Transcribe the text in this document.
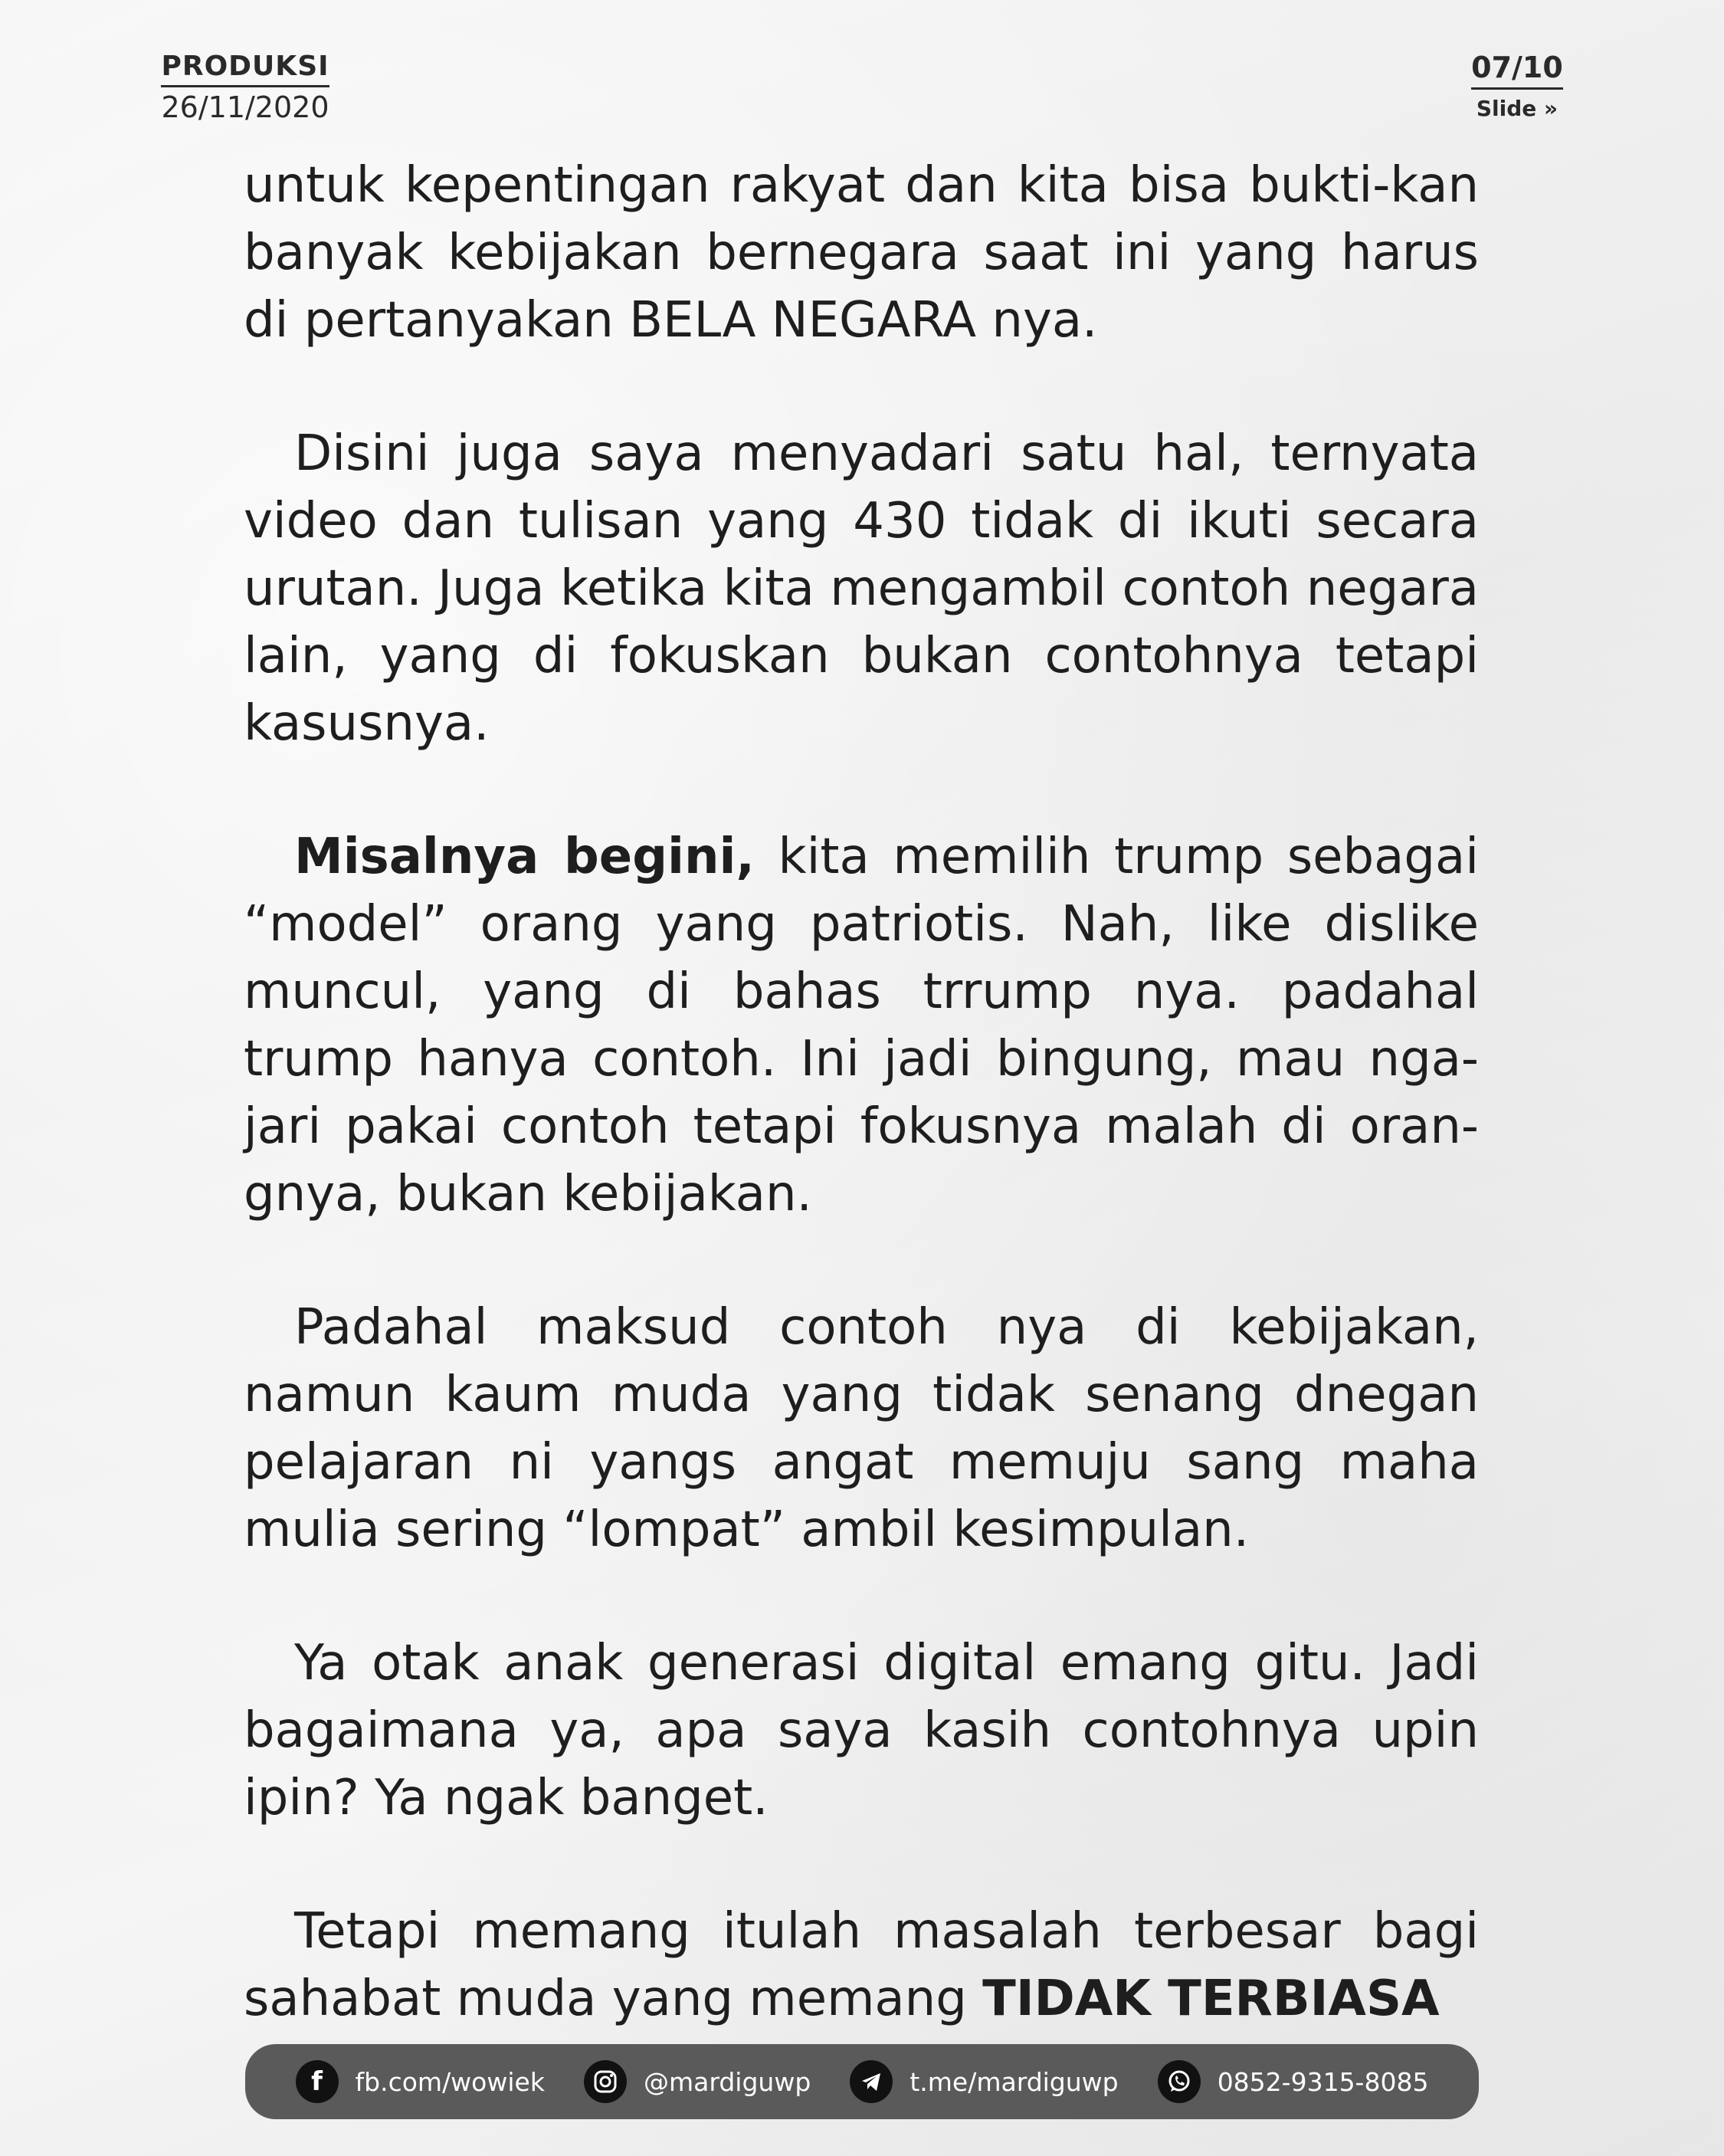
PRODUKSI
26/11/2020
07/10
Slide »

untuk kepentingan rakyat dan kita bisa bukti-kan banyak kebijakan bernegara saat ini yang harus di pertanyakan BELA NEGARA nya.

Disini juga saya menyadari satu hal, ternyata video dan tulisan yang 430 tidak di ikuti secara urutan. Juga ketika kita mengambil contoh negara lain, yang di fokuskan bukan contohnya tetapi kasusnya.

Misalnya begini, kita memilih trump sebagai “model” orang yang patriotis. Nah, like dislike muncul, yang di bahas trrump nya. padahal trump hanya contoh. Ini jadi bingung, mau nga-jari pakai contoh tetapi fokusnya malah di oran-gnya, bukan kebijakan.

Padahal maksud contoh nya di kebijakan, namun kaum muda yang tidak senang dnegan pelajaran ni yangs angat memuju sang maha mulia sering “lompat” ambil kesimpulan.

Ya otak anak generasi digital emang gitu. Jadi bagaimana ya, apa saya kasih contohnya upin ipin? Ya ngak banget.

Tetapi memang itulah masalah terbesar bagi sahabat muda yang memang TIDAK TERBIASA

f	fb.com/wowiek	@mardiguwp	t.me/mardiguwp	0852-9315-8085
